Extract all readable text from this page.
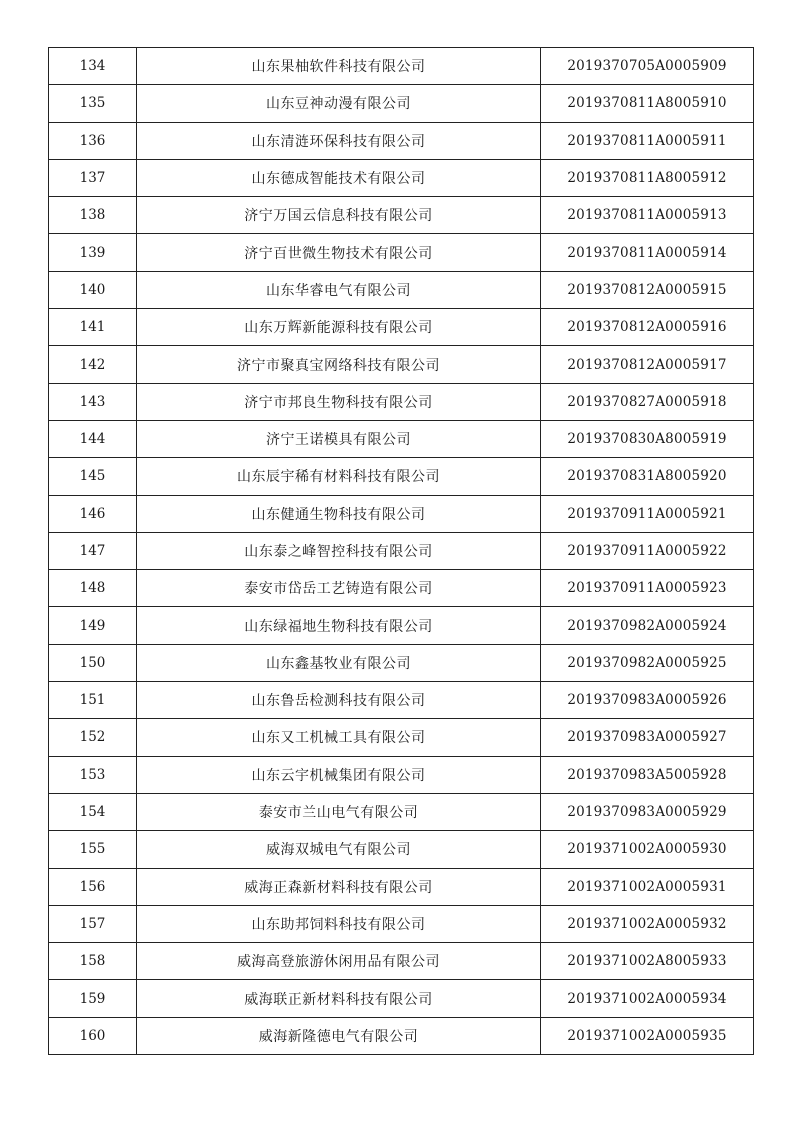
134	山东果柚软件科技有限公司	2019370705A0005909
135	山东豆神动漫有限公司	2019370811A8005910
136	山东清涟环保科技有限公司	2019370811A0005911
137	山东德成智能技术有限公司	2019370811A8005912
138	济宁万国云信息科技有限公司	2019370811A0005913
139	济宁百世微生物技术有限公司	2019370811A0005914
140	山东华睿电气有限公司	2019370812A0005915
141	山东万辉新能源科技有限公司	2019370812A0005916
142	济宁市聚真宝网络科技有限公司	2019370812A0005917
143	济宁市邦良生物科技有限公司	2019370827A0005918
144	济宁王诺模具有限公司	2019370830A8005919
145	山东辰宇稀有材料科技有限公司	2019370831A8005920
146	山东健通生物科技有限公司	2019370911A0005921
147	山东泰之峰智控科技有限公司	2019370911A0005922
148	泰安市岱岳工艺铸造有限公司	2019370911A0005923
149	山东绿福地生物科技有限公司	2019370982A0005924
150	山东鑫基牧业有限公司	2019370982A0005925
151	山东鲁岳检测科技有限公司	2019370983A0005926
152	山东又工机械工具有限公司	2019370983A0005927
153	山东云宇机械集团有限公司	2019370983A5005928
154	泰安市兰山电气有限公司	2019370983A0005929
155	威海双城电气有限公司	2019371002A0005930
156	威海正森新材料科技有限公司	2019371002A0005931
157	山东助邦饲料科技有限公司	2019371002A0005932
158	威海高登旅游休闲用品有限公司	2019371002A8005933
159	威海联正新材料科技有限公司	2019371002A0005934
160	威海新隆德电气有限公司	2019371002A0005935
